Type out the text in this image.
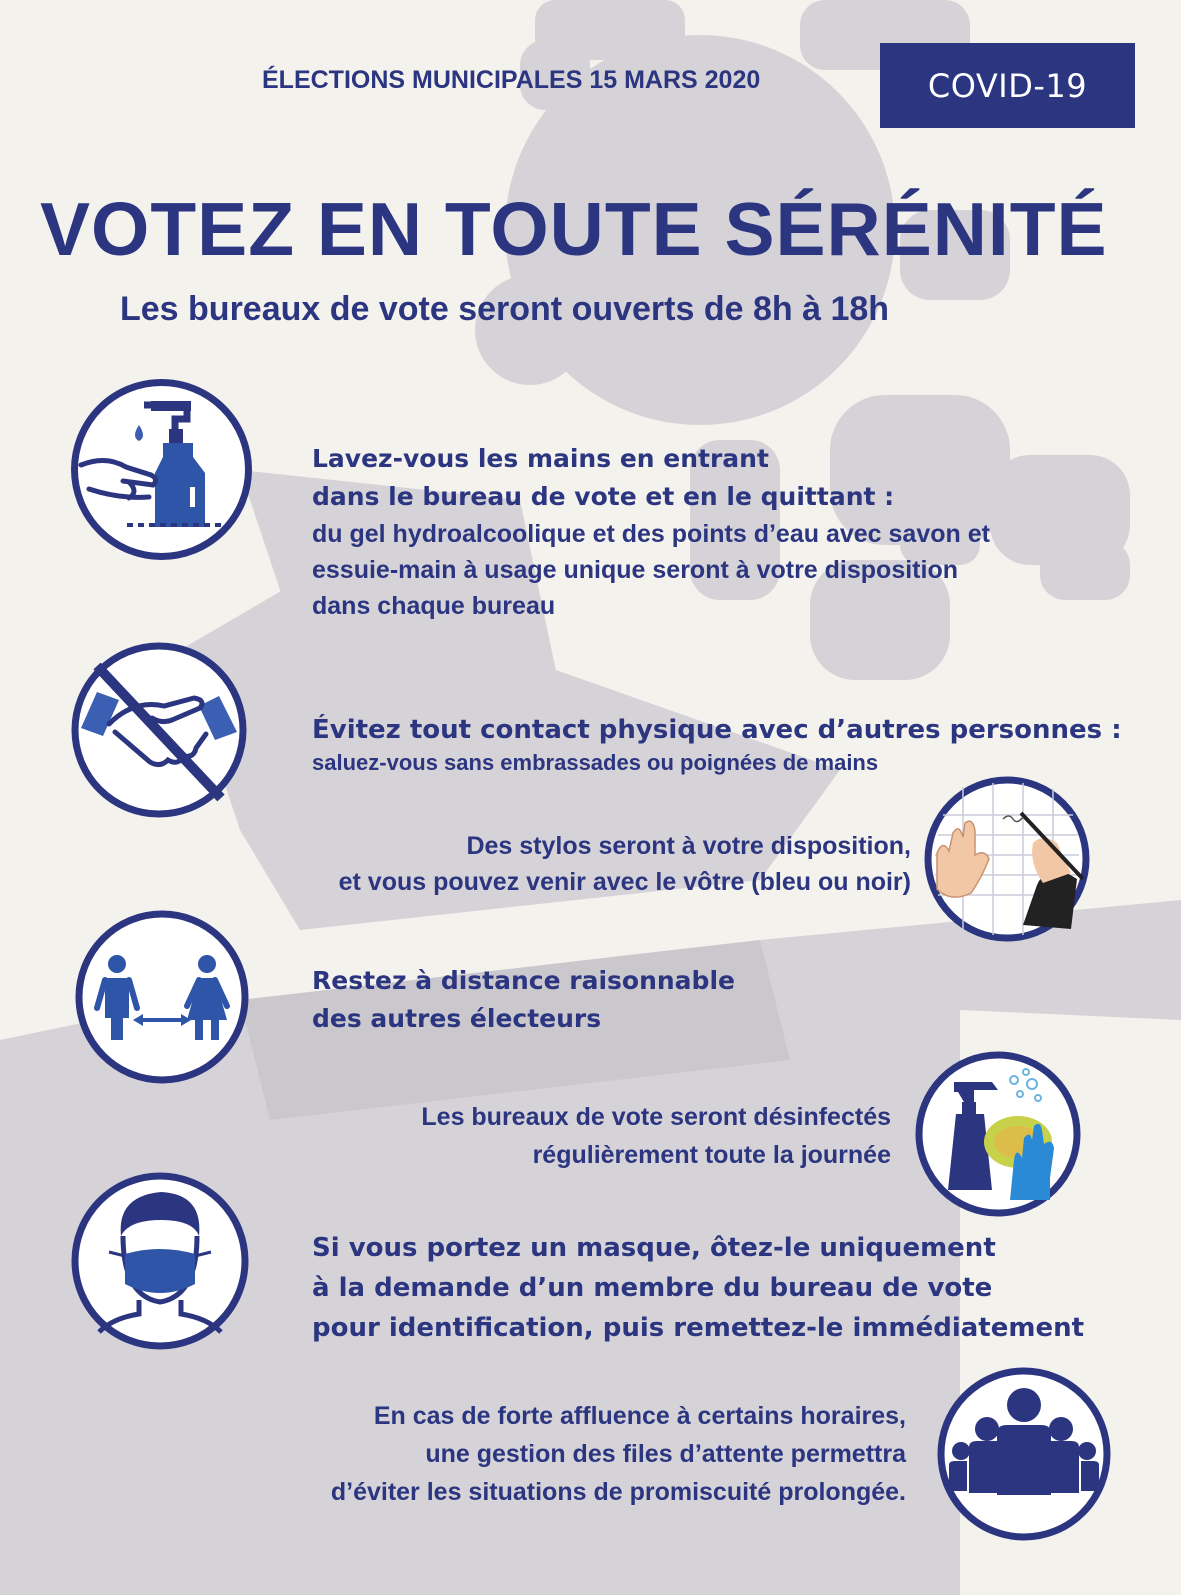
ÉLECTIONS MUNICIPALES 15 MARS 2020	COVID-19
VOTEZ EN TOUTE SÉRÉNITÉ
Les bureaux de vote seront ouverts de 8h à 18h
Lavez-vous les mains en entrant
dans le bureau de vote et en le quittant :
du gel hydroalcoolique et des points d’eau avec savon et
essuie-main à usage unique seront à votre disposition
dans chaque bureau
Évitez tout contact physique avec d’autres personnes :
saluez-vous sans embrassades ou poignées de mains
Des stylos seront à votre disposition,
et vous pouvez venir avec le vôtre (bleu ou noir)
Restez à distance raisonnable
des autres électeurs
Les bureaux de vote seront désinfectés
régulièrement toute la journée
Si vous portez un masque, ôtez-le uniquement
à la demande d’un membre du bureau de vote
pour identification, puis remettez-le immédiatement
En cas de forte affluence à certains horaires,
une gestion des files d’attente permettra
d’éviter les situations de promiscuité prolongée.
